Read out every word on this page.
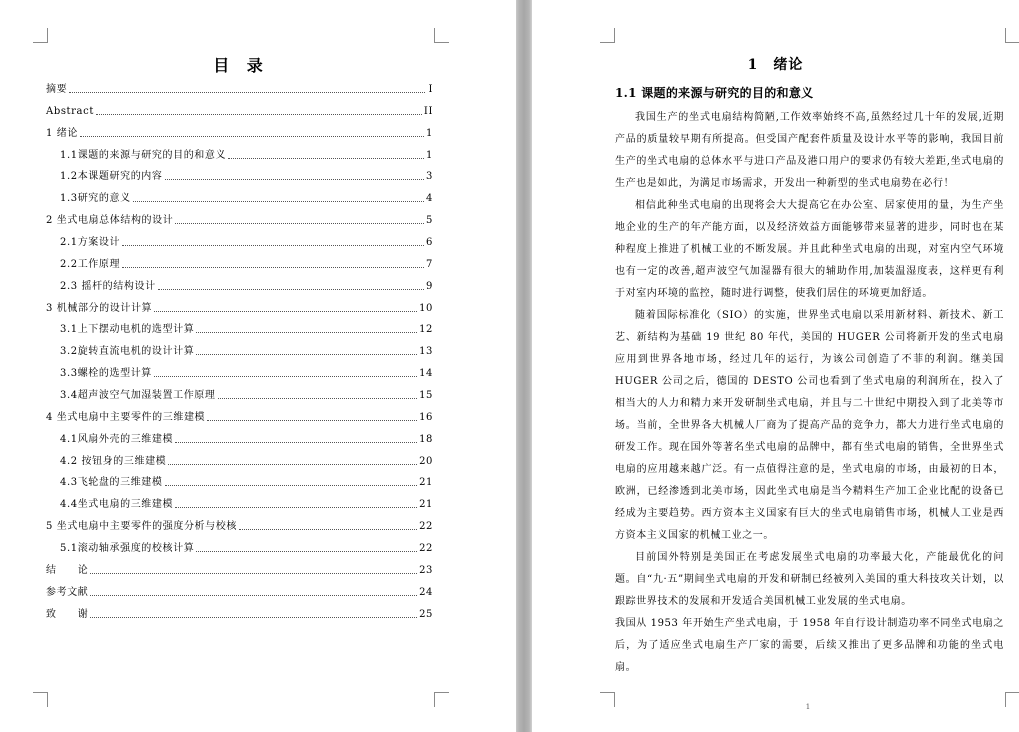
目 录
摘要	I
Abstract	II
1 绪论	1
1.1课题的来源与研究的目的和意义	1
1.2本课题研究的内容	3
1.3研究的意义	4
2 坐式电扇总体结构的设计	5
2.1方案设计	6
2.2工作原理	7
2.3 摇杆的结构设计	9
3 机械部分的设计计算	10
3.1上下摆动电机的选型计算	12
3.2旋转直流电机的设计计算	13
3.3螺栓的选型计算	14
3.4超声波空气加湿装置工作原理	15
4 坐式电扇中主要零件的三维建模	16
4.1风扇外壳的三维建模	18
4.2 按钮身的三维建模	20
4.3飞轮盘的三维建模	21
4.4坐式电扇的三维建模	21
5 坐式电扇中主要零件的强度分析与校核	22
5.1滚动轴承强度的校核计算	22
结　　论	23
参考文献	24
致　　谢	25
1　绪论
1.1 课题的来源与研究的目的和意义

我国生产的坐式电扇结构简陋,工作效率始终不高,虽然经过几十年的发展,近期产品的质量较早期有所提高。但受国产配套件质量及设计水平等的影响，我国目前生产的坐式电扇的总体水平与进口产品及港口用户的要求仍有较大差距,坐式电扇的生产也是如此，为满足市场需求，开发出一种新型的坐式电扇势在必行！

相信此种坐式电扇的出现将会大大提高它在办公室、居家使用的量，为生产坐地企业的生产的年产能方面，以及经济效益方面能够带来显著的进步，同时也在某种程度上推进了机械工业的不断发展。并且此种坐式电扇的出现，对室内空气环境也有一定的改善,超声波空气加湿器有很大的辅助作用,加装温湿度表，这样更有利于对室内环境的监控，随时进行调整，使我们居住的环境更加舒适。

随着国际标准化（SIO）的实施，世界坐式电扇以采用新材料、新技术、新工艺、新结构为基础 19 世纪 80 年代，美国的 HUGER 公司将新开发的坐式电扇应用到世界各地市场，经过几年的运行，为该公司创造了不菲的利润。继美国 HUGER 公司之后，德国的 DESTO 公司也看到了坐式电扇的利润所在，投入了相当大的人力和精力来开发研制坐式电扇，并且与二十世纪中期投入到了北美等市场。当前，全世界各大机械人厂商为了提高产品的竞争力，都大力进行坐式电扇的研发工作。现在国外等著名坐式电扇的品牌中，都有坐式电扇的销售，全世界坐式电扇的应用越来越广泛。有一点值得注意的是，坐式电扇的市场，由最初的日本，欧洲，已经渗透到北美市场，因此坐式电扇是当今精料生产加工企业比配的设备已经成为主要趋势。西方资本主义国家有巨大的坐式电扇销售市场，机械人工业是西方资本主义国家的机械工业之一。

目前国外特别是美国正在考虑发展坐式电扇的功率最大化，产能最优化的问题。自“九·五”期间坐式电扇的开发和研制已经被列入美国的重大科技攻关计划，以跟踪世界技术的发展和开发适合美国机械工业发展的坐式电扇。

我国从 1953 年开始生产坐式电扇，于 1958 年自行设计制造功率不同坐式电扇之后，为了适应坐式电扇生产厂家的需要，后续又推出了更多品牌和功能的坐式电扇。

1
